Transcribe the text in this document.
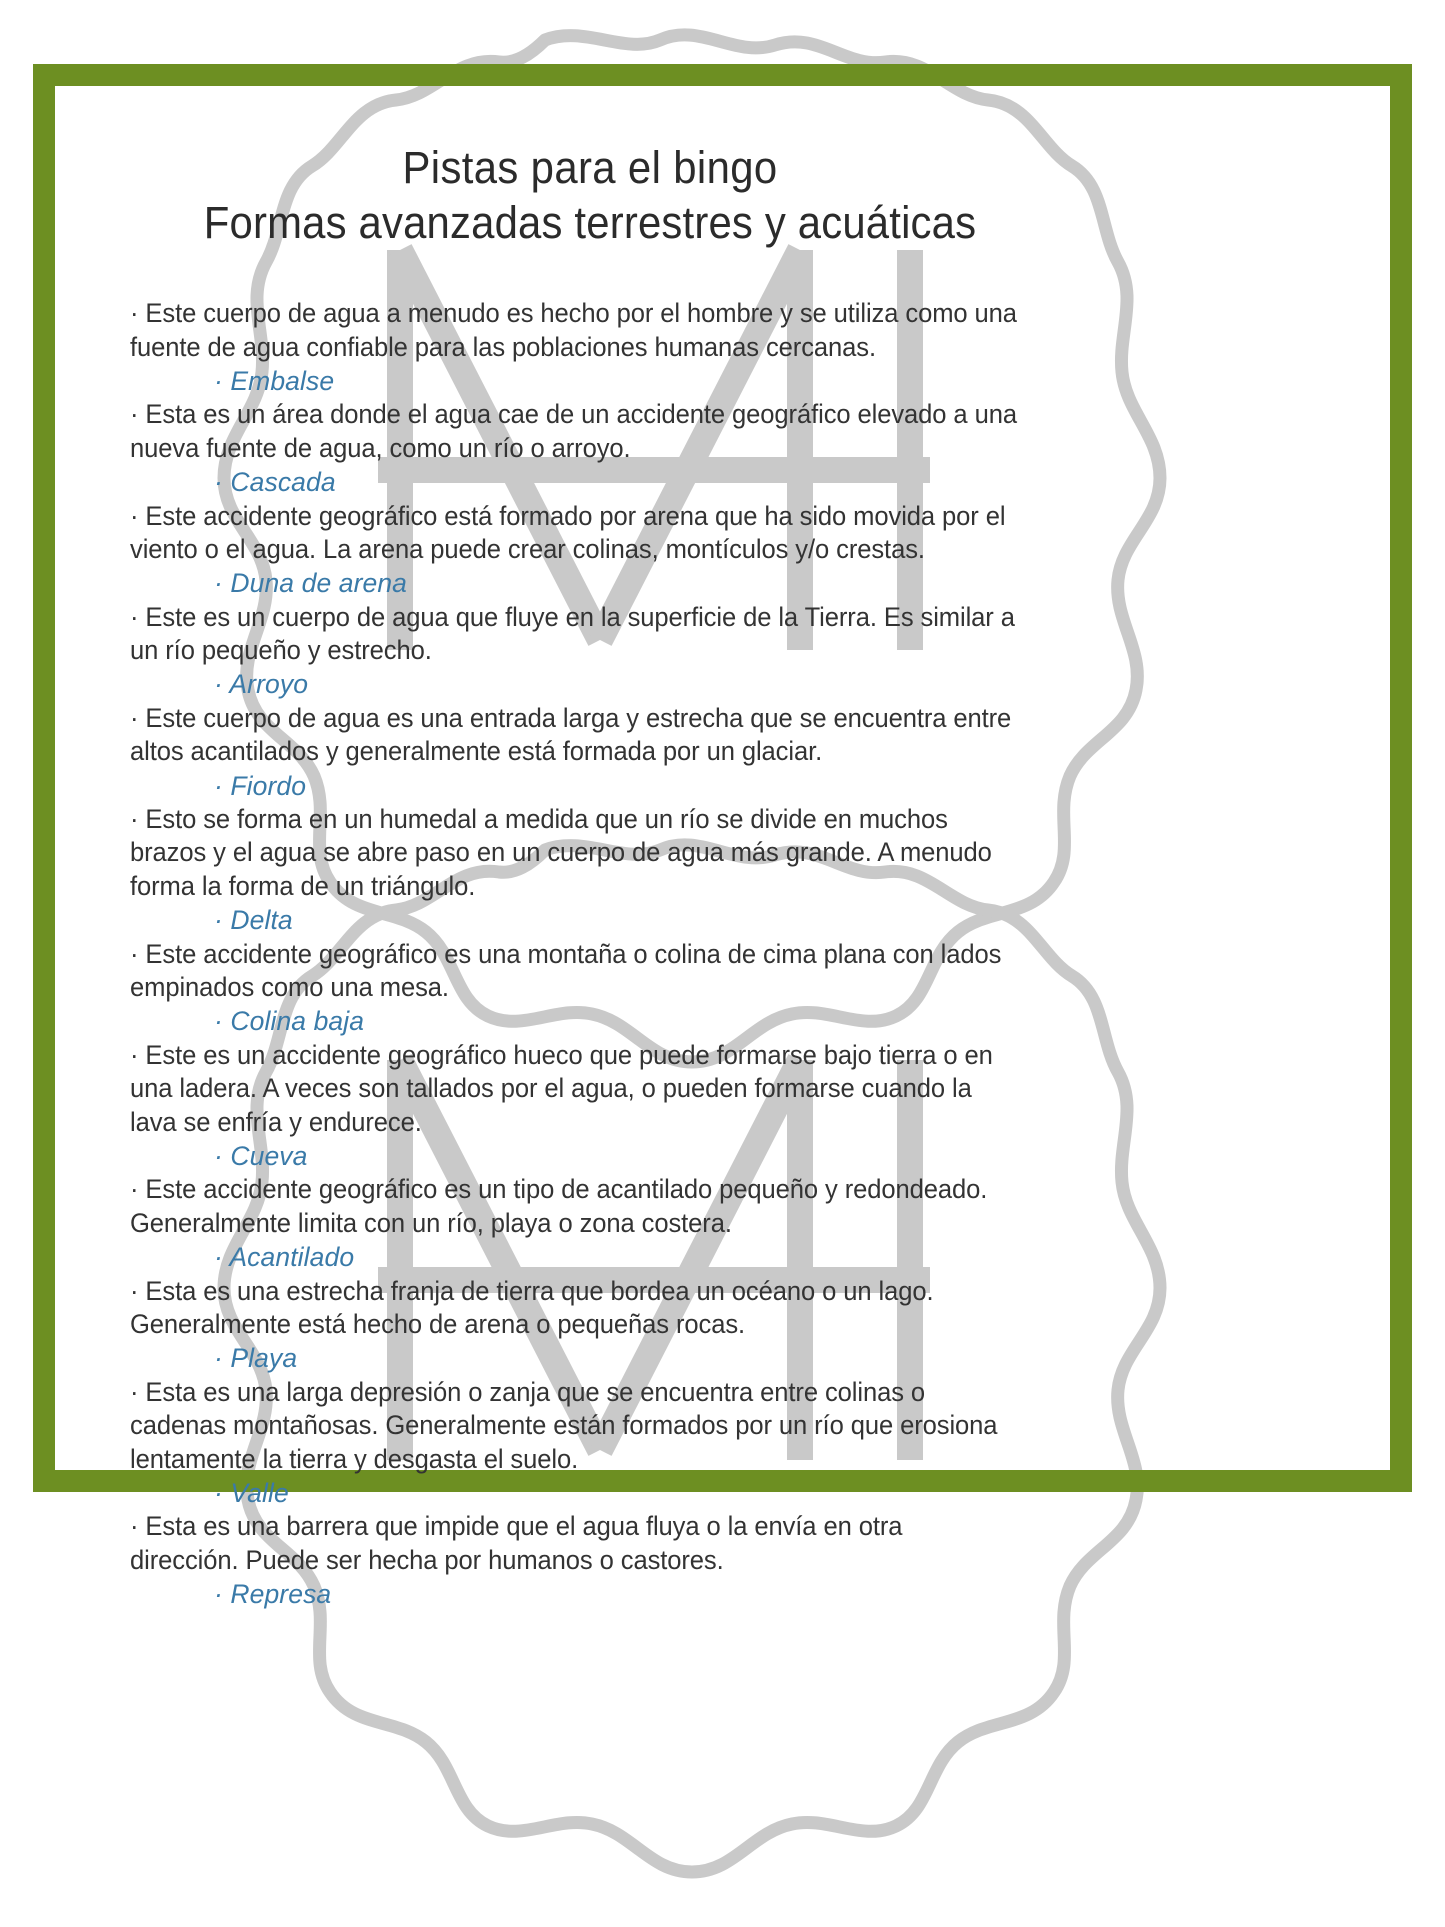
Pistas para el bingo
Formas avanzadas terrestres y acuáticas

· Este cuerpo de agua a menudo es hecho por el hombre y se utiliza como una fuente de agua confiable para las poblaciones humanas cercanas.

· Embalse

· Esta es un área donde el agua cae de un accidente geográfico elevado a una nueva fuente de agua, como un río o arroyo.

· Cascada

· Este accidente geográfico está formado por arena que ha sido movida por el viento o el agua. La arena puede crear colinas, montículos y/o crestas.

· Duna de arena

· Este es un cuerpo de agua que fluye en la superficie de la Tierra. Es similar a un río pequeño y estrecho.

· Arroyo

· Este cuerpo de agua es una entrada larga y estrecha que se encuentra entre altos acantilados y generalmente está formada por un glaciar.

· Fiordo

· Esto se forma en un humedal a medida que un río se divide en muchos brazos y el agua se abre paso en un cuerpo de agua más grande. A menudo forma la forma de un triángulo.

· Delta

· Este accidente geográfico es una montaña o colina de cima plana con lados empinados como una mesa.

· Colina baja

· Este es un accidente geográfico hueco que puede formarse bajo tierra o en una ladera. A veces son tallados por el agua, o pueden formarse cuando la lava se enfría y endurece.

· Cueva

· Este accidente geográfico es un tipo de acantilado pequeño y redondeado. Generalmente limita con un río, playa o zona costera.

· Acantilado

· Esta es una estrecha franja de tierra que bordea un océano o un lago. Generalmente está hecho de arena o pequeñas rocas.

· Playa

· Esta es una larga depresión o zanja que se encuentra entre colinas o cadenas montañosas. Generalmente están formados por un río que erosiona lentamente la tierra y desgasta el suelo.

· Valle

· Esta es una barrera que impide que el agua fluya o la envía en otra dirección. Puede ser hecha por humanos o castores.

· Represa
